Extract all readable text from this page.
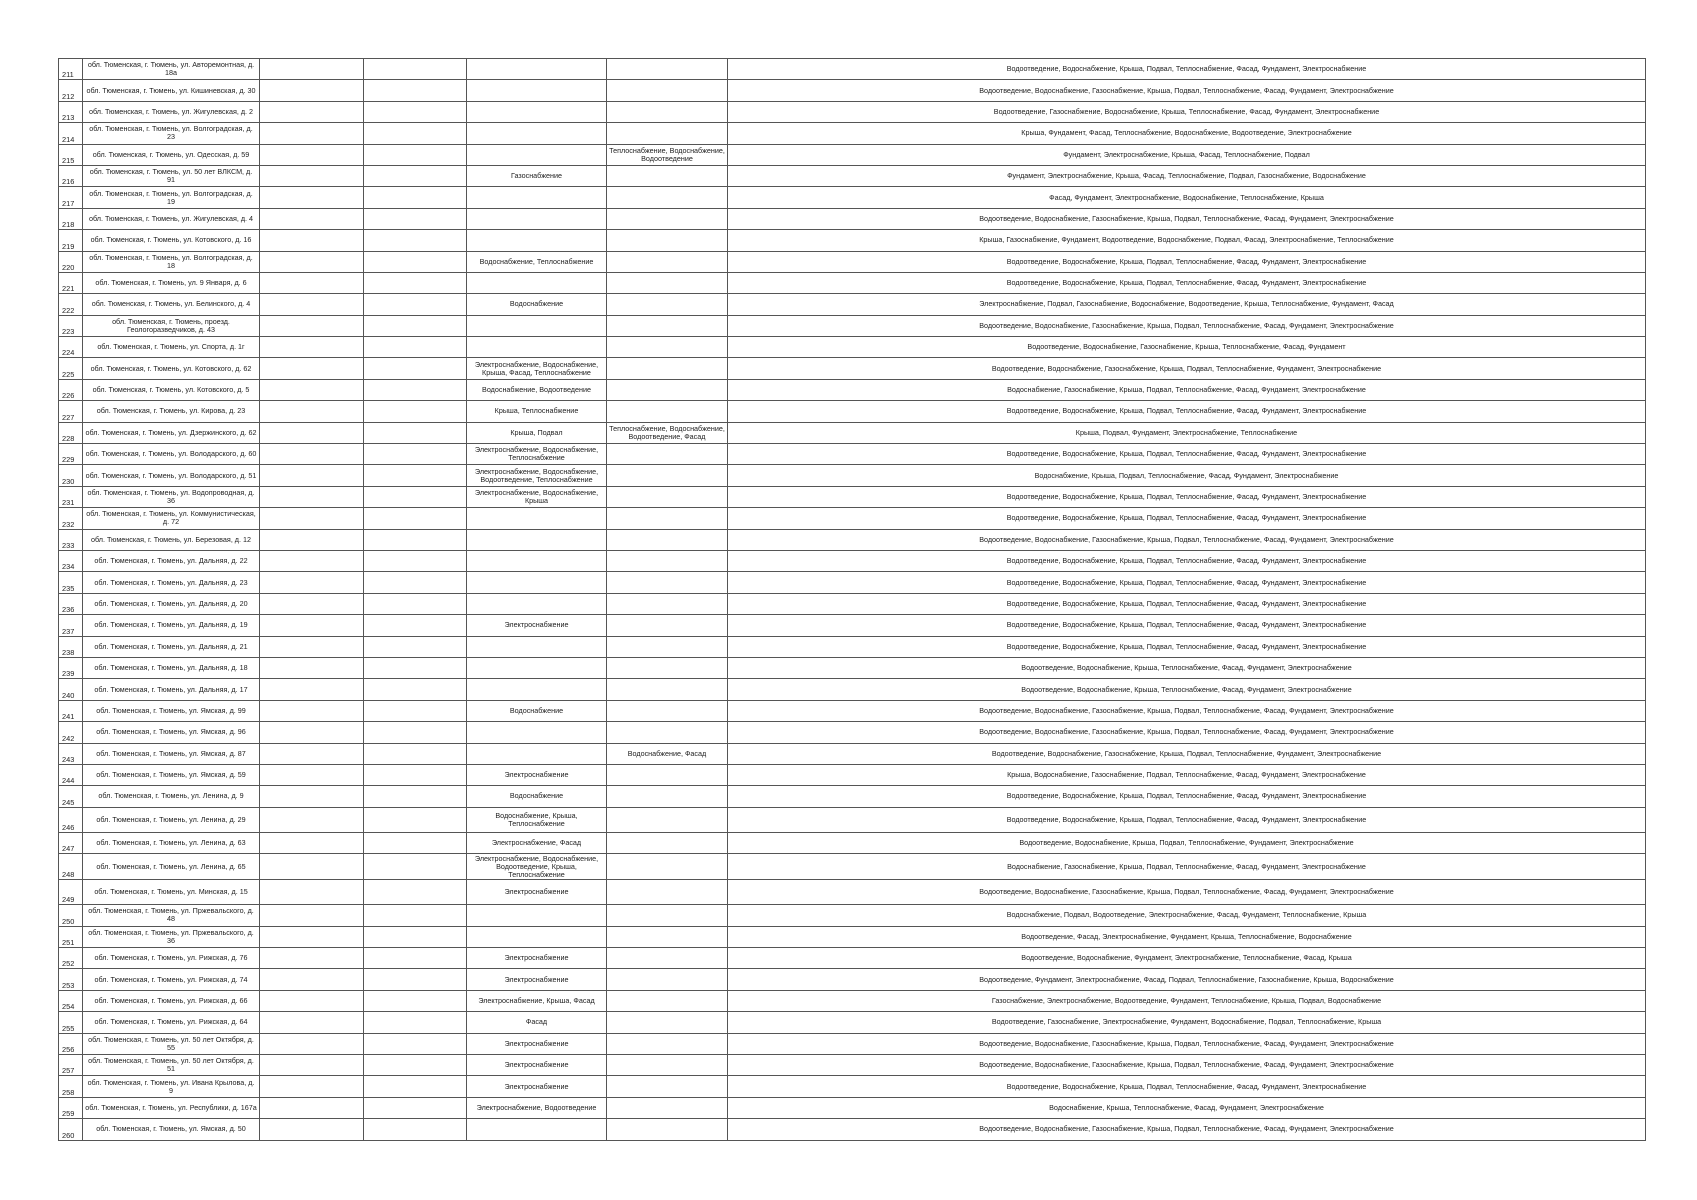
211	обл. Тюменская, г. Тюмень, ул. Авторемонтная, д. 18а					Водоотведение, Водоснабжение, Крыша, Подвал, Теплоснабжение, Фасад, Фундамент, Электроснабжение
212	обл. Тюменская, г. Тюмень, ул. Кишиневская, д. 30					Водоотведение, Водоснабжение, Газоснабжение, Крыша, Подвал, Теплоснабжение, Фасад, Фундамент, Электроснабжение
213	обл. Тюменская, г. Тюмень, ул. Жигулевская, д. 2					Водоотведение, Газоснабжение, Водоснабжение, Крыша, Теплоснабжение, Фасад, Фундамент, Электроснабжение
214	обл. Тюменская, г. Тюмень, ул. Волгоградская, д. 23					Крыша, Фундамент, Фасад, Теплоснабжение, Водоснабжение, Водоотведение, Электроснабжение
215	обл. Тюменская, г. Тюмень, ул. Одесская, д. 59				Теплоснабжение, Водоснабжение, Водоотведение	Фундамент, Электроснабжение, Крыша, Фасад, Теплоснабжение, Подвал
216	обл. Тюменская, г. Тюмень, ул. 50 лет ВЛКСМ, д. 91			Газоснабжение		Фундамент, Электроснабжение, Крыша, Фасад, Теплоснабжение, Подвал, Газоснабжение, Водоснабжение
217	обл. Тюменская, г. Тюмень, ул. Волгоградская, д. 19					Фасад, Фундамент, Электроснабжение, Водоснабжение, Теплоснабжение, Крыша
218	обл. Тюменская, г. Тюмень, ул. Жигулевская, д. 4					Водоотведение, Водоснабжение, Газоснабжение, Крыша, Подвал, Теплоснабжение, Фасад, Фундамент, Электроснабжение
219	обл. Тюменская, г. Тюмень, ул. Котовского, д. 16					Крыша, Газоснабжение, Фундамент, Водоотведение, Водоснабжение, Подвал, Фасад, Электроснабжение, Теплоснабжение
220	обл. Тюменская, г. Тюмень, ул. Волгоградская, д. 18			Водоснабжение, Теплоснабжение		Водоотведение, Водоснабжение, Крыша, Подвал, Теплоснабжение, Фасад, Фундамент, Электроснабжение
221	обл. Тюменская, г. Тюмень, ул. 9 Января, д. 6					Водоотведение, Водоснабжение, Крыша, Подвал, Теплоснабжение, Фасад, Фундамент, Электроснабжение
222	обл. Тюменская, г. Тюмень, ул. Белинского, д. 4			Водоснабжение		Электроснабжение, Подвал, Газоснабжение, Водоснабжение, Водоотведение, Крыша, Теплоснабжение, Фундамент, Фасад
223	обл. Тюменская, г. Тюмень, проезд. Геологоразведчиков, д. 43					Водоотведение, Водоснабжение, Газоснабжение, Крыша, Подвал, Теплоснабжение, Фасад, Фундамент, Электроснабжение
224	обл. Тюменская, г. Тюмень, ул. Спорта, д. 1г					Водоотведение, Водоснабжение, Газоснабжение, Крыша, Теплоснабжение, Фасад, Фундамент
225	обл. Тюменская, г. Тюмень, ул. Котовского, д. 62			Электроснабжение, Водоснабжение, Крыша, Фасад, Теплоснабжение		Водоотведение, Водоснабжение, Газоснабжение, Крыша, Подвал, Теплоснабжение, Фундамент, Электроснабжение
226	обл. Тюменская, г. Тюмень, ул. Котовского, д. 5			Водоснабжение, Водоотведение		Водоснабжение, Газоснабжение, Крыша, Подвал, Теплоснабжение, Фасад, Фундамент, Электроснабжение
227	обл. Тюменская, г. Тюмень, ул. Кирова, д. 23			Крыша, Теплоснабжение		Водоотведение, Водоснабжение, Крыша, Подвал, Теплоснабжение, Фасад, Фундамент, Электроснабжение
228	обл. Тюменская, г. Тюмень, ул. Дзержинского, д. 62			Крыша, Подвал	Теплоснабжение, Водоснабжение, Водоотведение, Фасад	Крыша, Подвал, Фундамент, Электроснабжение, Теплоснабжение
229	обл. Тюменская, г. Тюмень, ул. Володарского, д. 60			Электроснабжение, Водоснабжение, Теплоснабжение		Водоотведение, Водоснабжение, Крыша, Подвал, Теплоснабжение, Фасад, Фундамент, Электроснабжение
230	обл. Тюменская, г. Тюмень, ул. Володарского, д. 51			Электроснабжение, Водоснабжение, Водоотведение, Теплоснабжение		Водоснабжение, Крыша, Подвал, Теплоснабжение, Фасад, Фундамент, Электроснабжение
231	обл. Тюменская, г. Тюмень, ул. Водопроводная, д. 36			Электроснабжение, Водоснабжение, Крыша		Водоотведение, Водоснабжение, Крыша, Подвал, Теплоснабжение, Фасад, Фундамент, Электроснабжение
232	обл. Тюменская, г. Тюмень, ул. Коммунистическая, д. 72					Водоотведение, Водоснабжение, Крыша, Подвал, Теплоснабжение, Фасад, Фундамент, Электроснабжение
233	обл. Тюменская, г. Тюмень, ул. Березовая, д. 12					Водоотведение, Водоснабжение, Газоснабжение, Крыша, Подвал, Теплоснабжение, Фасад, Фундамент, Электроснабжение
234	обл. Тюменская, г. Тюмень, ул. Дальняя, д. 22					Водоотведение, Водоснабжение, Крыша, Подвал, Теплоснабжение, Фасад, Фундамент, Электроснабжение
235	обл. Тюменская, г. Тюмень, ул. Дальняя, д. 23					Водоотведение, Водоснабжение, Крыша, Подвал, Теплоснабжение, Фасад, Фундамент, Электроснабжение
236	обл. Тюменская, г. Тюмень, ул. Дальняя, д. 20					Водоотведение, Водоснабжение, Крыша, Подвал, Теплоснабжение, Фасад, Фундамент, Электроснабжение
237	обл. Тюменская, г. Тюмень, ул. Дальняя, д. 19			Электроснабжение		Водоотведение, Водоснабжение, Крыша, Подвал, Теплоснабжение, Фасад, Фундамент, Электроснабжение
238	обл. Тюменская, г. Тюмень, ул. Дальняя, д. 21					Водоотведение, Водоснабжение, Крыша, Подвал, Теплоснабжение, Фасад, Фундамент, Электроснабжение
239	обл. Тюменская, г. Тюмень, ул. Дальняя, д. 18					Водоотведение, Водоснабжение, Крыша, Теплоснабжение, Фасад, Фундамент, Электроснабжение
240	обл. Тюменская, г. Тюмень, ул. Дальняя, д. 17					Водоотведение, Водоснабжение, Крыша, Теплоснабжение, Фасад, Фундамент, Электроснабжение
241	обл. Тюменская, г. Тюмень, ул. Ямская, д. 99			Водоснабжение		Водоотведение, Водоснабжение, Газоснабжение, Крыша, Подвал, Теплоснабжение, Фасад, Фундамент, Электроснабжение
242	обл. Тюменская, г. Тюмень, ул. Ямская, д. 96					Водоотведение, Водоснабжение, Газоснабжение, Крыша, Подвал, Теплоснабжение, Фасад, Фундамент, Электроснабжение
243	обл. Тюменская, г. Тюмень, ул. Ямская, д. 87				Водоснабжение, Фасад	Водоотведение, Водоснабжение, Газоснабжение, Крыша, Подвал, Теплоснабжение, Фундамент, Электроснабжение
244	обл. Тюменская, г. Тюмень, ул. Ямская, д. 59			Электроснабжение		Крыша, Водоснабжение, Газоснабжение, Подвал, Теплоснабжение, Фасад, Фундамент, Электроснабжение
245	обл. Тюменская, г. Тюмень, ул. Ленина, д. 9			Водоснабжение		Водоотведение, Водоснабжение, Крыша, Подвал, Теплоснабжение, Фасад, Фундамент, Электроснабжение
246	обл. Тюменская, г. Тюмень, ул. Ленина, д. 29			Водоснабжение, Крыша, Теплоснабжение		Водоотведение, Водоснабжение, Крыша, Подвал, Теплоснабжение, Фасад, Фундамент, Электроснабжение
247	обл. Тюменская, г. Тюмень, ул. Ленина, д. 63			Электроснабжение, Фасад		Водоотведение, Водоснабжение, Крыша, Подвал, Теплоснабжение, Фундамент, Электроснабжение
248	обл. Тюменская, г. Тюмень, ул. Ленина, д. 65			Электроснабжение, Водоснабжение, Водоотведение, Крыша, Теплоснабжение		Водоснабжение, Газоснабжение, Крыша, Подвал, Теплоснабжение, Фасад, Фундамент, Электроснабжение
249	обл. Тюменская, г. Тюмень, ул. Минская, д. 15			Электроснабжение		Водоотведение, Водоснабжение, Газоснабжение, Крыша, Подвал, Теплоснабжение, Фасад, Фундамент, Электроснабжение
250	обл. Тюменская, г. Тюмень, ул. Пржевальского, д. 48					Водоснабжение, Подвал, Водоотведение, Электроснабжение, Фасад, Фундамент, Теплоснабжение, Крыша
251	обл. Тюменская, г. Тюмень, ул. Пржевальского, д. 36					Водоотведение, Фасад, Электроснабжение, Фундамент, Крыша, Теплоснабжение, Водоснабжение
252	обл. Тюменская, г. Тюмень, ул. Рижская, д. 76			Электроснабжение		Водоотведение, Водоснабжение, Фундамент, Электроснабжение, Теплоснабжение, Фасад, Крыша
253	обл. Тюменская, г. Тюмень, ул. Рижская, д. 74			Электроснабжение		Водоотведение, Фундамент, Электроснабжение, Фасад, Подвал, Теплоснабжение, Газоснабжение, Крыша, Водоснабжение
254	обл. Тюменская, г. Тюмень, ул. Рижская, д. 66			Электроснабжение, Крыша, Фасад		Газоснабжение, Электроснабжение, Водоотведение, Фундамент, Теплоснабжение, Крыша, Подвал, Водоснабжение
255	обл. Тюменская, г. Тюмень, ул. Рижская, д. 64			Фасад		Водоотведение, Газоснабжение, Электроснабжение, Фундамент, Водоснабжение, Подвал, Теплоснабжение, Крыша
256	обл. Тюменская, г. Тюмень, ул. 50 лет Октября, д. 55			Электроснабжение		Водоотведение, Водоснабжение, Газоснабжение, Крыша, Подвал, Теплоснабжение, Фасад, Фундамент, Электроснабжение
257	обл. Тюменская, г. Тюмень, ул. 50 лет Октября, д. 51			Электроснабжение		Водоотведение, Водоснабжение, Газоснабжение, Крыша, Подвал, Теплоснабжение, Фасад, Фундамент, Электроснабжение
258	обл. Тюменская, г. Тюмень, ул. Ивана Крылова, д. 9			Электроснабжение		Водоотведение, Водоснабжение, Крыша, Подвал, Теплоснабжение, Фасад, Фундамент, Электроснабжение
259	обл. Тюменская, г. Тюмень, ул. Республики, д. 167а			Электроснабжение, Водоотведение		Водоснабжение, Крыша, Теплоснабжение, Фасад, Фундамент, Электроснабжение
260	обл. Тюменская, г. Тюмень, ул. Ямская, д. 50					Водоотведение, Водоснабжение, Газоснабжение, Крыша, Подвал, Теплоснабжение, Фасад, Фундамент, Электроснабжение
